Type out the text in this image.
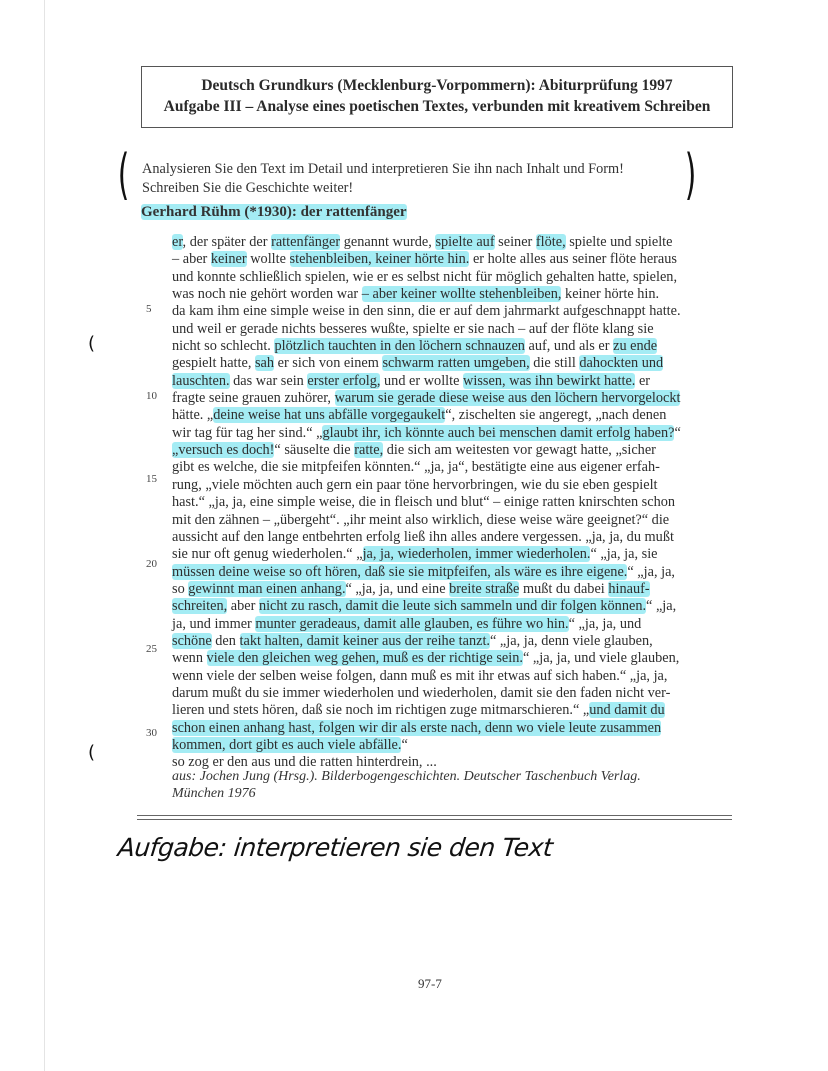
Deutsch Grundkurs (Mecklenburg-Vorpommern): Abiturprüfung 1997
Aufgabe III – Analyse eines poetischen Textes, verbunden mit kreativem Schreiben
(	)
Analysieren Sie den Text im Detail und interpretieren Sie ihn nach Inhalt und Form!
Schreiben Sie die Geschichte weiter!
Gerhard Rühm (*1930): der rattenfänger
5
10
15
20
25
30
(
(
er, der später der rattenfänger genannt wurde, spielte auf seiner flöte, spielte und spielte
– aber keiner wollte stehenbleiben, keiner hörte hin. er holte alles aus seiner flöte heraus
und konnte schließlich spielen, wie er es selbst nicht für möglich gehalten hatte, spielen,
was noch nie gehört worden war – aber keiner wollte stehenbleiben, keiner hörte hin.
da kam ihm eine simple weise in den sinn, die er auf dem jahrmarkt aufgeschnappt hatte.
und weil er gerade nichts besseres wußte, spielte er sie nach – auf der flöte klang sie
nicht so schlecht. plötzlich tauchten in den löchern schnauzen auf, und als er zu ende
gespielt hatte, sah er sich von einem schwarm ratten umgeben, die still dahockten und
lauschten. das war sein erster erfolg, und er wollte wissen, was ihn bewirkt hatte. er
fragte seine grauen zuhörer, warum sie gerade diese weise aus den löchern hervorgelockt
hätte. „deine weise hat uns abfälle vorgegaukelt“, zischelten sie angeregt, „nach denen
wir tag für tag her sind.“ „glaubt ihr, ich könnte auch bei menschen damit erfolg haben?“
„versuch es doch!“ säuselte die ratte, die sich am weitesten vor gewagt hatte, „sicher
gibt es welche, die sie mitpfeifen könnten.“ „ja, ja“, bestätigte eine aus eigener erfah-
rung, „viele möchten auch gern ein paar töne hervorbringen, wie du sie eben gespielt
hast.“ „ja, ja, eine simple weise, die in fleisch und blut“ – einige ratten knirschten schon
mit den zähnen – „übergeht“. „ihr meint also wirklich, diese weise wäre geeignet?“ die
aussicht auf den lange entbehrten erfolg ließ ihn alles andere vergessen. „ja, ja, du mußt
sie nur oft genug wiederholen.“ „ja, ja, wiederholen, immer wiederholen.“ „ja, ja, sie
müssen deine weise so oft hören, daß sie sie mitpfeifen, als wäre es ihre eigene.“ „ja, ja,
so gewinnt man einen anhang.“ „ja, ja, und eine breite straße mußt du dabei hinauf-
schreiten, aber nicht zu rasch, damit die leute sich sammeln und dir folgen können.“ „ja,
ja, und immer munter geradeaus, damit alle glauben, es führe wo hin.“ „ja, ja, und
schöne den takt halten, damit keiner aus der reihe tanzt.“ „ja, ja, denn viele glauben,
wenn viele den gleichen weg gehen, muß es der richtige sein.“ „ja, ja, und viele glauben,
wenn viele der selben weise folgen, dann muß es mit ihr etwas auf sich haben.“ „ja, ja,
darum mußt du sie immer wiederholen und wiederholen, damit sie den faden nicht ver-
lieren und stets hören, daß sie noch im richtigen zuge mitmarschieren.“ „und damit du
schon einen anhang hast, folgen wir dir als erste nach, denn wo viele leute zusammen
kommen, dort gibt es auch viele abfälle.“
so zog er den aus und die ratten hinterdrein, ...
aus: Jochen Jung (Hrsg.). Bilderbogengeschichten. Deutscher Taschenbuch Verlag.
München 1976
Aufgabe: interpretieren sie den Text
97-7
